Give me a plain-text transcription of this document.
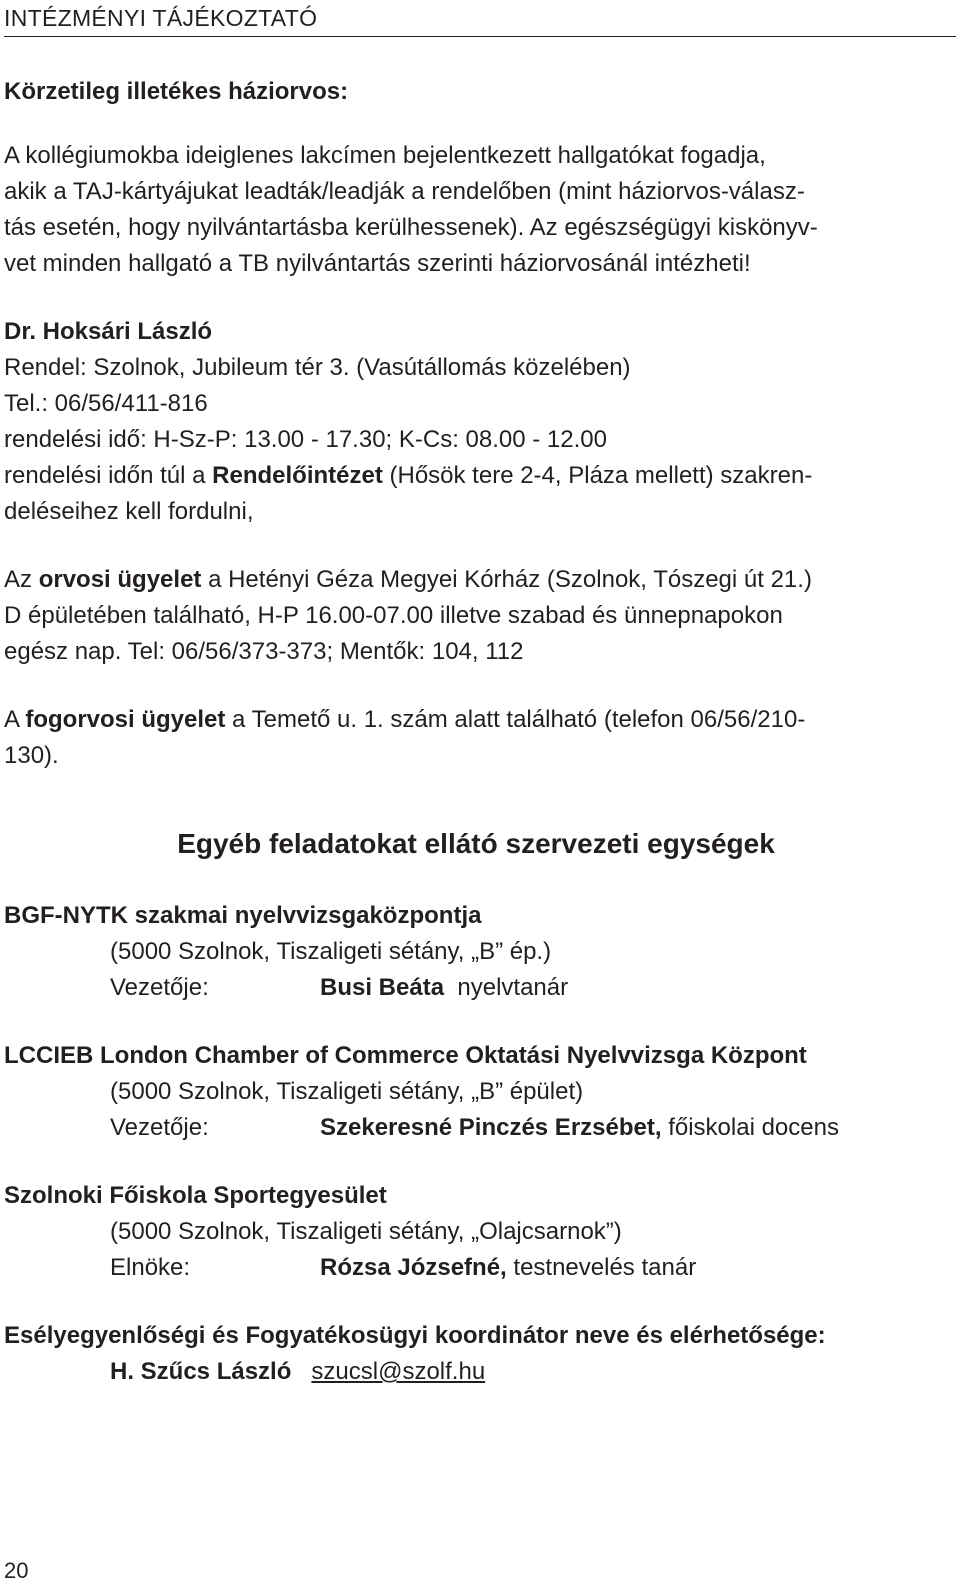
INTÉZMÉNYI TÁJÉKOZTATÓ

Körzetileg illetékes háziorvos:

A kollégiumokba ideiglenes lakcímen bejelentkezett hallgatókat fogadja,

akik a TAJ-kártyájukat leadták/leadják a rendelőben (mint háziorvos-válasz-

tás esetén, hogy nyilvántartásba kerülhessenek). Az egészségügyi kiskönyv-

vet minden hallgató a TB nyilvántartás szerinti háziorvosánál intézheti!

Dr. Hoksári László

Rendel: Szolnok, Jubileum tér 3. (Vasútállomás közelében)

Tel.: 06/56/411-816

rendelési idő: H-Sz-P: 13.00 - 17.30; K-Cs: 08.00 - 12.00

rendelési időn túl a Rendelőintézet (Hősök tere 2-4, Pláza mellett) szakren-

deléseihez kell fordulni,

Az orvosi ügyelet a Hetényi Géza Megyei Kórház (Szolnok, Tószegi út 21.)

D épületében található, H-P 16.00-07.00 illetve szabad és ünnepnapokon

egész nap. Tel: 06/56/373-373; Mentők: 104, 112

A fogorvosi ügyelet a Temető u. 1. szám alatt található (telefon 06/56/210-

130).

Egyéb feladatokat ellátó szervezeti egységek

BGF-NYTK szakmai nyelvvizsgaközpontja

(5000 Szolnok, Tiszaligeti sétány, „B” ép.)

Vezetője:	Busi Beáta  nyelvtanár

LCCIEB London Chamber of Commerce Oktatási Nyelvvizsga Központ

(5000 Szolnok, Tiszaligeti sétány, „B” épület)

Vezetője:	Szekeresné Pinczés Erzsébet, főiskolai docens

Szolnoki Főiskola Sportegyesület

(5000 Szolnok, Tiszaligeti sétány, „Olajcsarnok”)

Elnöke:	Rózsa Józsefné, testnevelés tanár

Esélyegyenlőségi és Fogyatékosügyi koordinátor neve és elérhetősége:

H. Szűcs László szucsl@szolf.hu

20
